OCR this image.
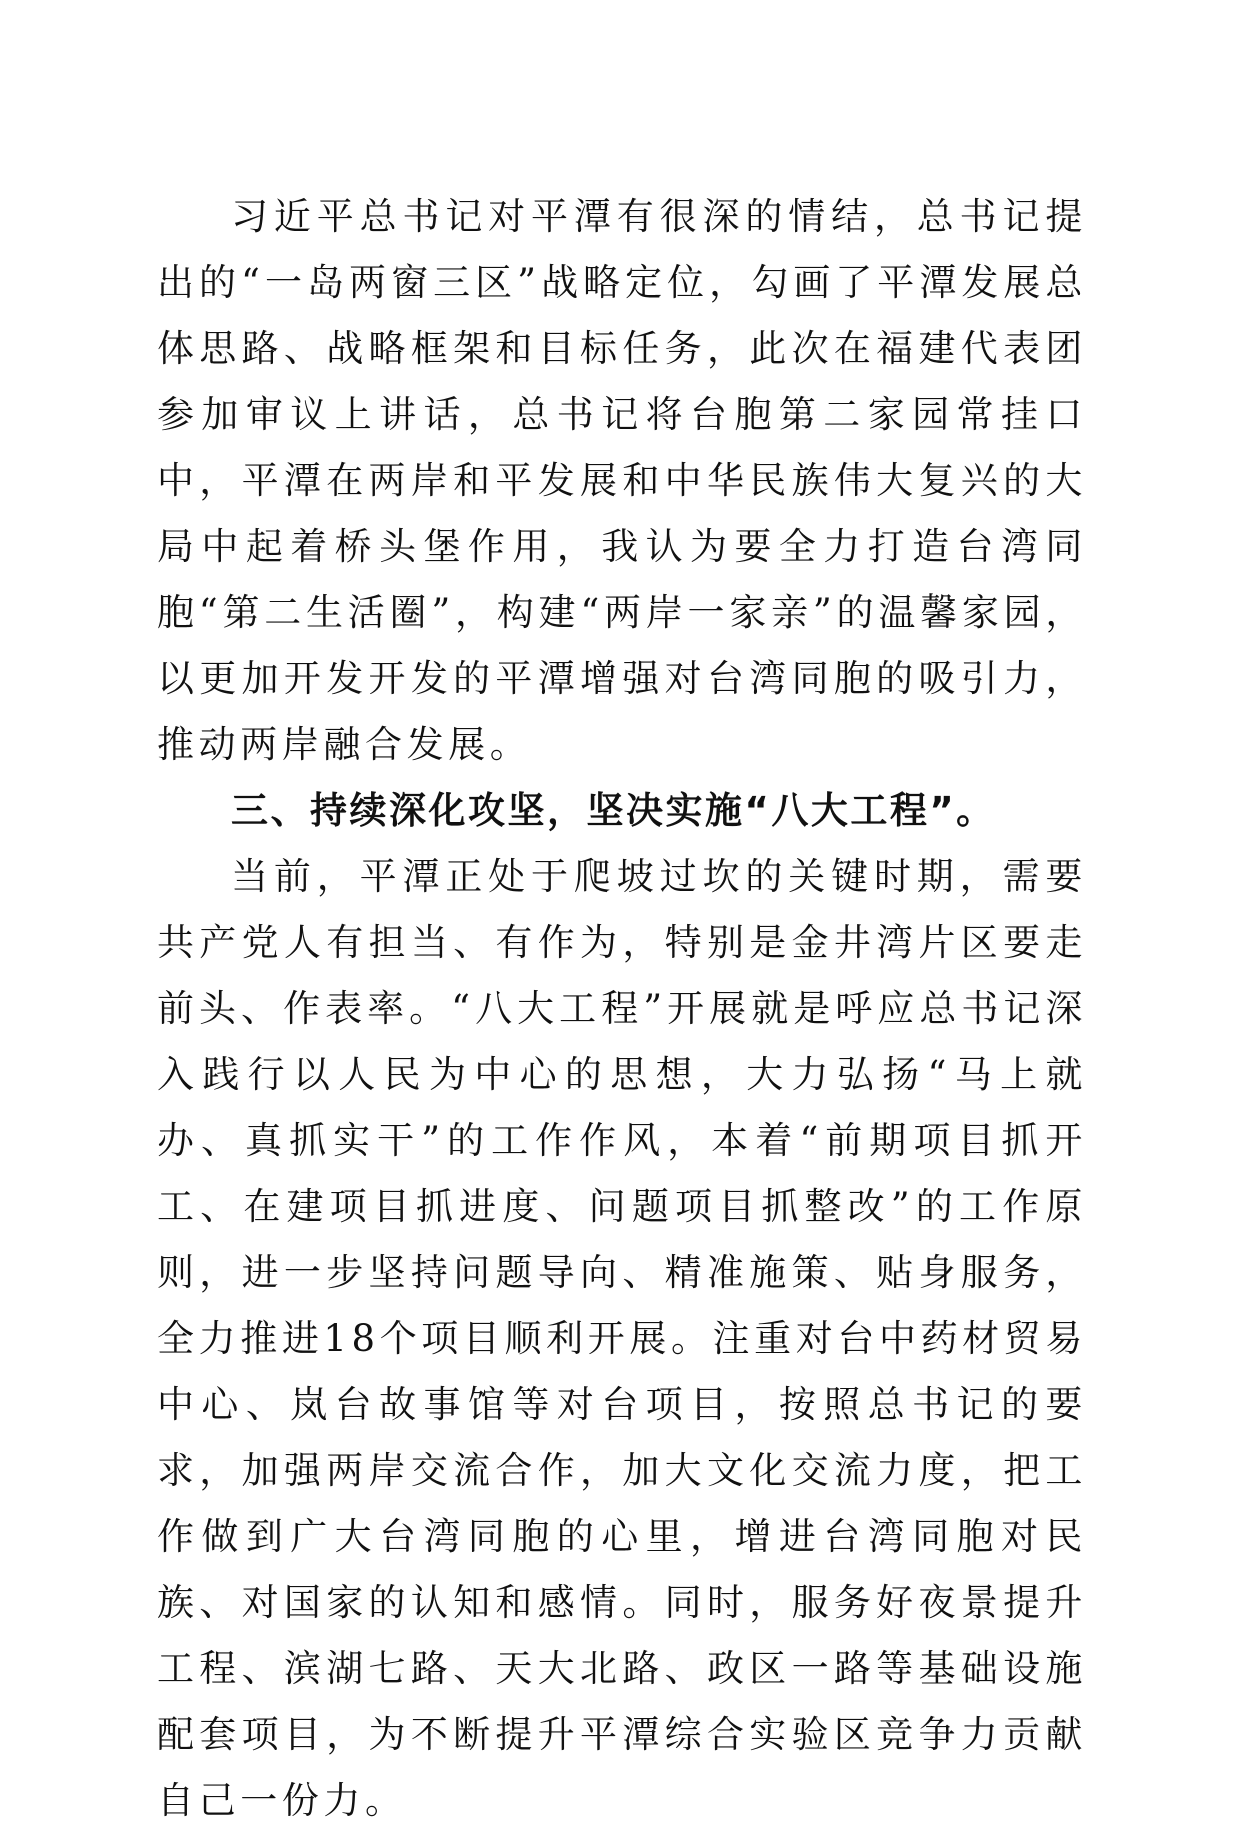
习近平总书记对平潭有很深的情结，总书记提出的“一岛两窗三区”战略定位，勾画了平潭发展总体思路、战略框架和目标任务，此次在福建代表团参加审议上讲话，总书记将台胞第二家园常挂口中，平潭在两岸和平发展和中华民族伟大复兴的大局中起着桥头堡作用，我认为要全力打造台湾同胞“第二生活圈”，构建“两岸一家亲”的温馨家园，以更加开发开发的平潭增强对台湾同胞的吸引力，推动两岸融合发展。

三、持续深化攻坚，坚决实施“八大工程”。

当前，平潭正处于爬坡过坎的关键时期，需要共产党人有担当、有作为，特别是金井湾片区要走前头、作表率。“八大工程”开展就是呼应总书记深入践行以人民为中心的思想，大力弘扬“马上就办、真抓实干”的工作作风，本着“前期项目抓开工、在建项目抓进度、问题项目抓整改”的工作原则，进一步坚持问题导向、精准施策、贴身服务，全力推进18个项目顺利开展。注重对台中药材贸易中心、岚台故事馆等对台项目，按照总书记的要求，加强两岸交流合作，加大文化交流力度，把工作做到广大台湾同胞的心里，增进台湾同胞对民族、对国家的认知和感情。同时，服务好夜景提升工程、滨湖七路、天大北路、政区一路等基础设施配套项目，为不断提升平潭综合实验区竞争力贡献自己一份力。
